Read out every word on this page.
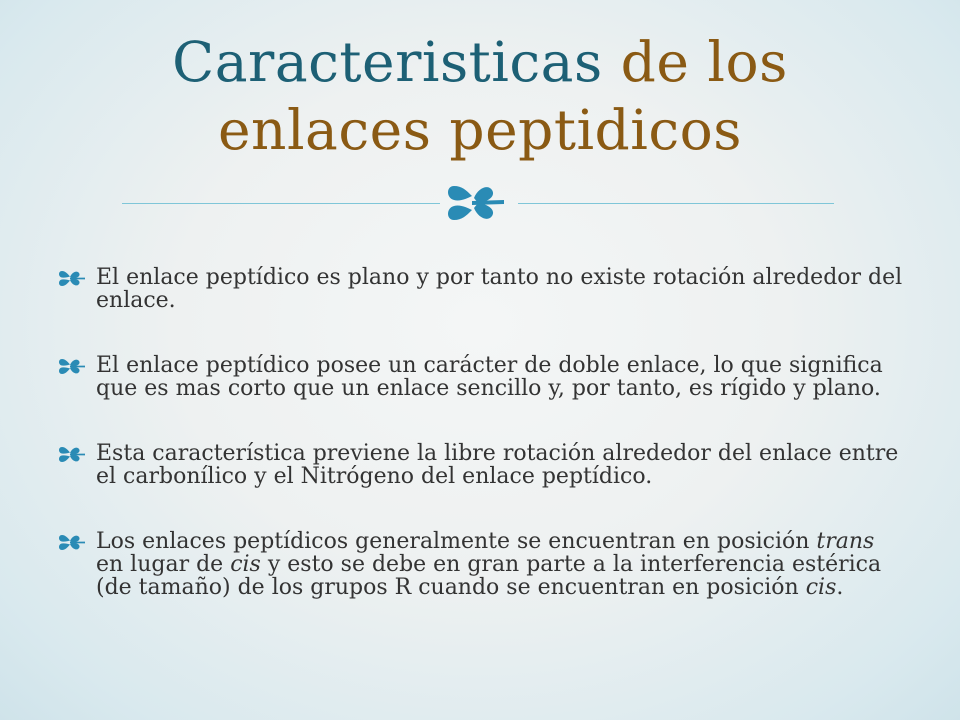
Caracteristicas de los enlaces peptidicos
El enlace peptídico es plano y por tanto no existe rotación alrededor del enlace.
El enlace peptídico posee un carácter de doble enlace, lo que significa que es mas corto que un enlace sencillo y, por tanto, es rígido y plano.
Esta característica previene la libre rotación alrededor del enlace entre el carbonílico y el Nitrógeno del enlace peptídico.
Los enlaces peptídicos generalmente se encuentran en posición trans en lugar de cis y esto se debe en gran parte a la interferencia estérica (de tamaño) de los grupos R cuando se encuentran en posición cis.
